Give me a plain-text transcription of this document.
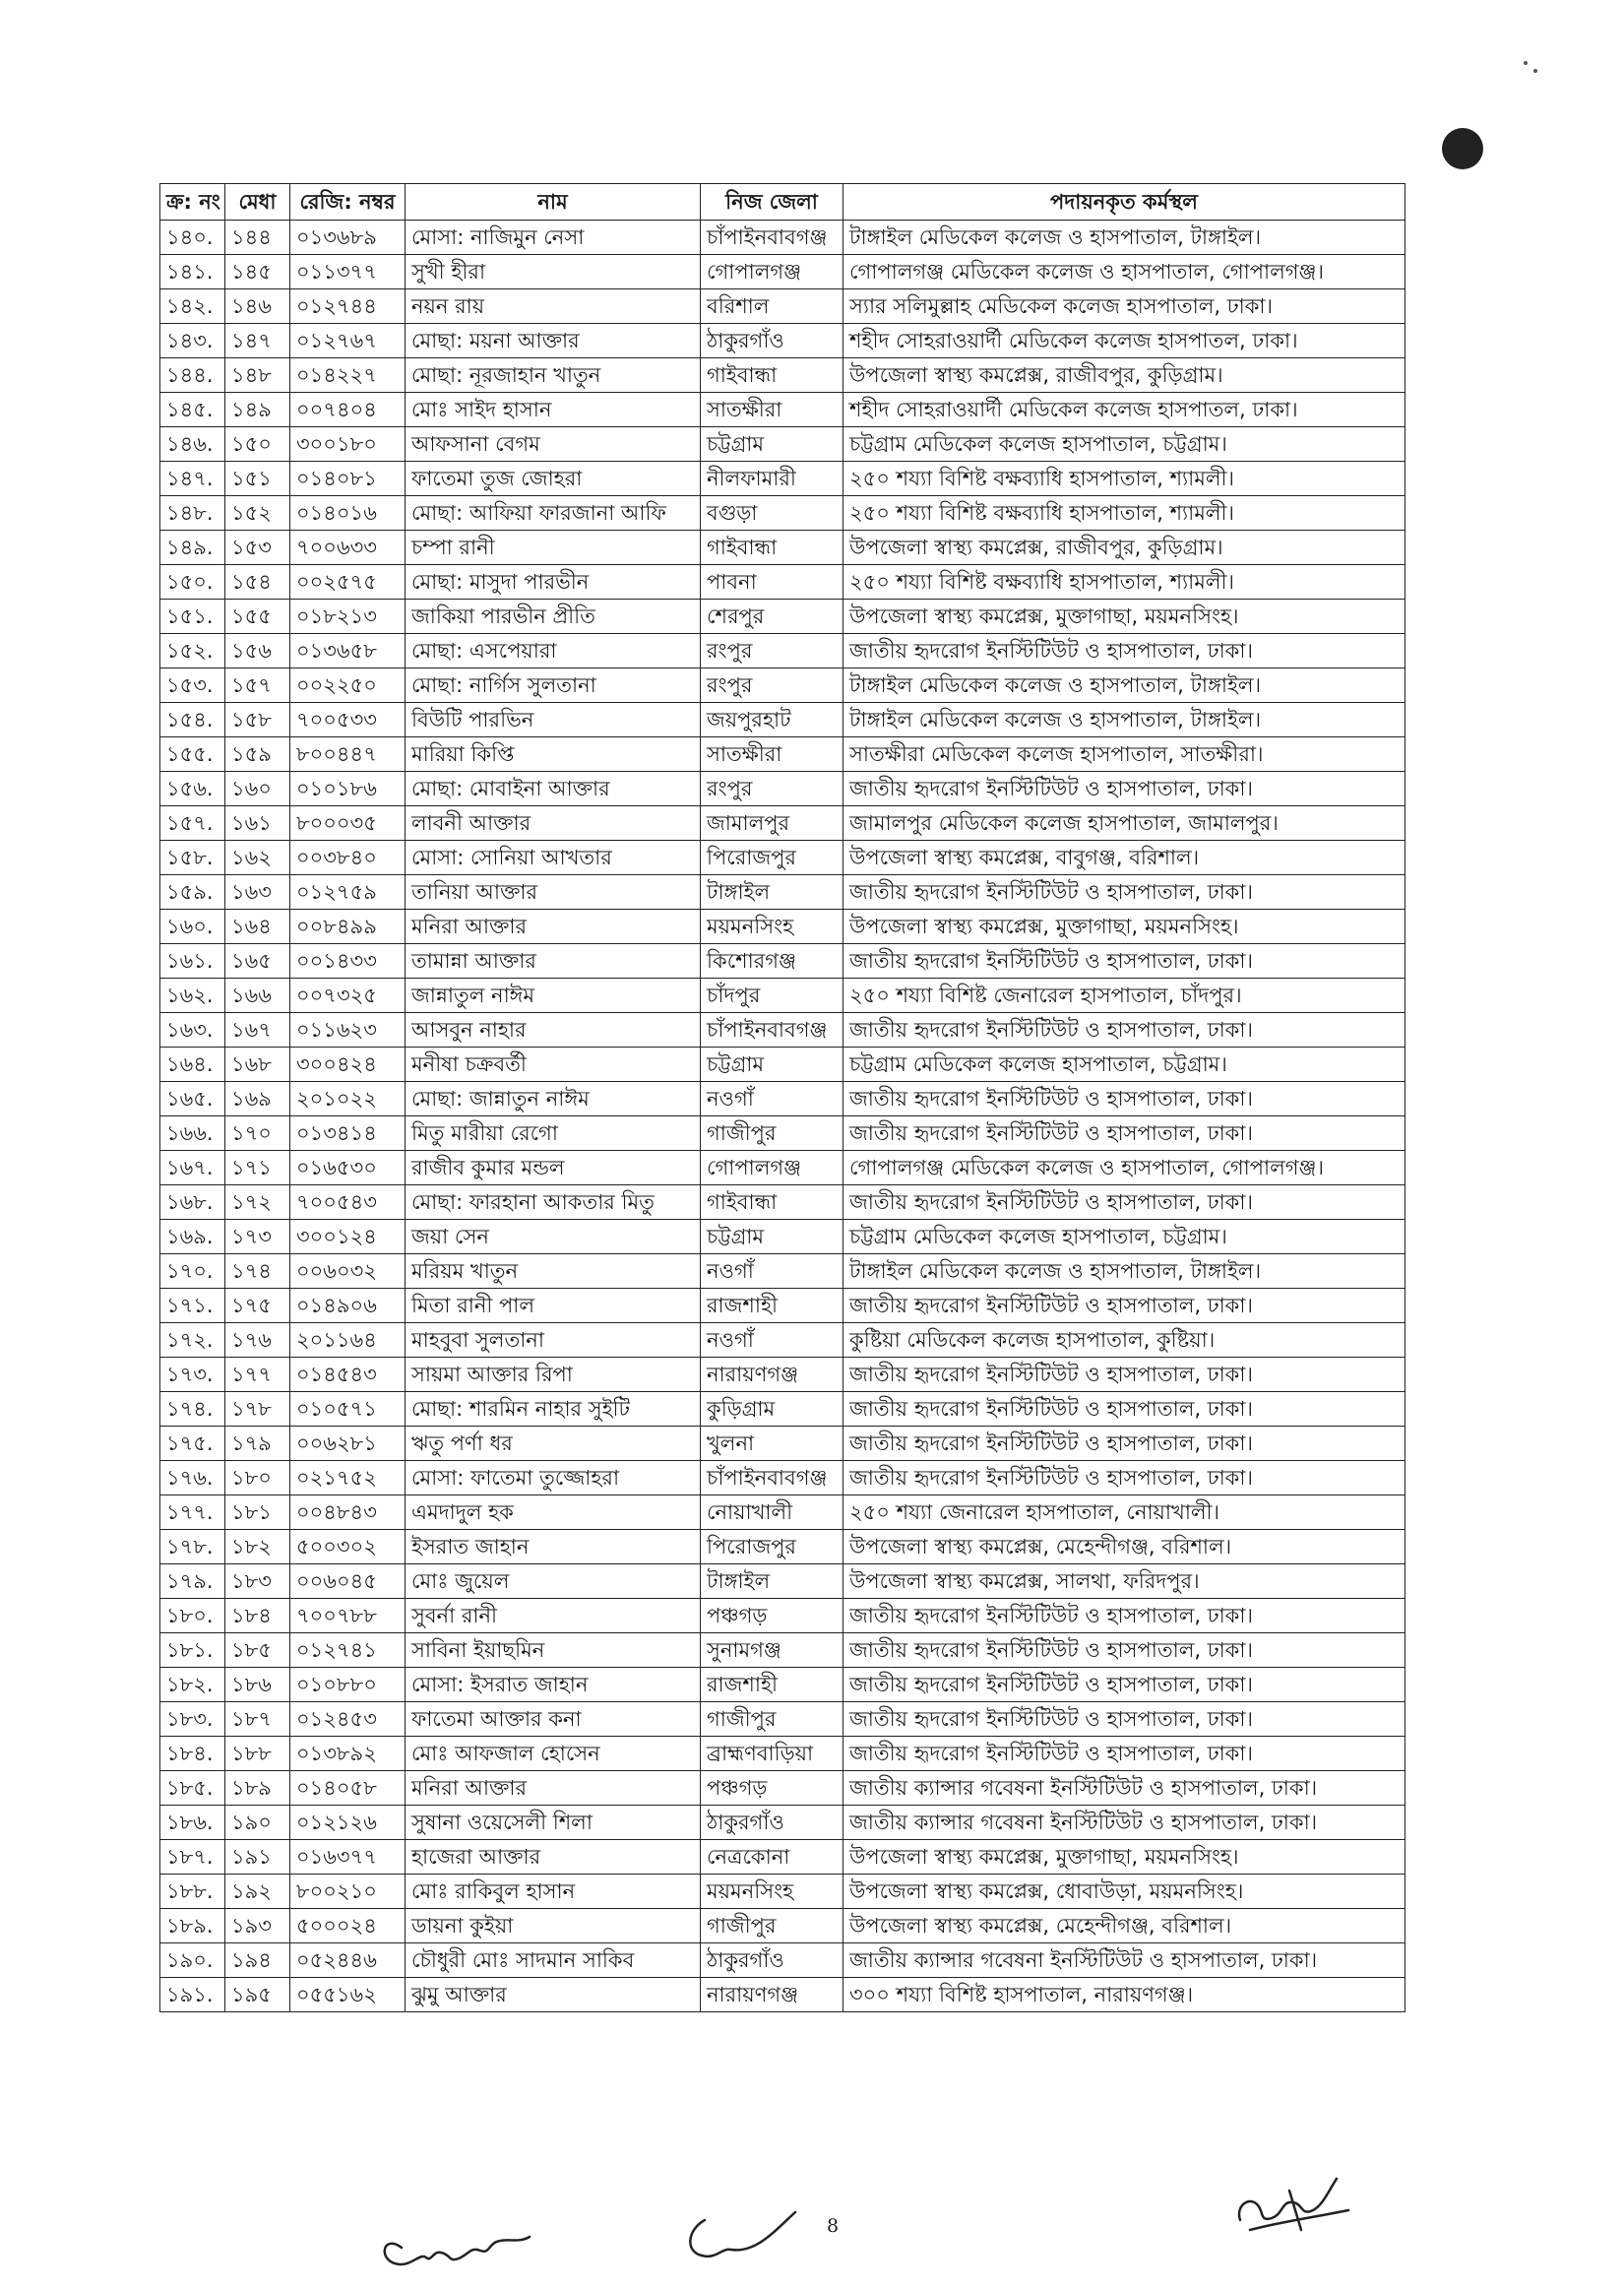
ক্র: নং	মেধা	রেজি: নম্বর	নাম	নিজ জেলা	পদায়নকৃত কর্মস্থল
১৪০.	১৪৪	০১৩৬৮৯	মোসা: নাজিমুন নেসা	চাঁপাইনবাবগঞ্জ	টাঙ্গাইল মেডিকেল কলেজ ও হাসপাতাল, টাঙ্গাইল।
১৪১.	১৪৫	০১১৩৭৭	সুখী হীরা	গোপালগঞ্জ	গোপালগঞ্জ মেডিকেল কলেজ ও হাসপাতাল, গোপালগঞ্জ।
১৪২.	১৪৬	০১২৭৪৪	নয়ন রায়	বরিশাল	স্যার সলিমুল্লাহ মেডিকেল কলেজ হাসপাতাল, ঢাকা।
১৪৩.	১৪৭	০১২৭৬৭	মোছা: ময়না আক্তার	ঠাকুরগাঁও	শহীদ সোহরাওয়ার্দী মেডিকেল কলেজ হাসপাতল, ঢাকা।
১৪৪.	১৪৮	০১৪২২৭	মোছা: নূরজাহান খাতুন	গাইবান্ধা	উপজেলা স্বাস্থ্য কমপ্লেক্স, রাজীবপুর, কুড়িগ্রাম।
১৪৫.	১৪৯	০০৭৪০৪	মোঃ সাইদ হাসান	সাতক্ষীরা	শহীদ সোহরাওয়ার্দী মেডিকেল কলেজ হাসপাতল, ঢাকা।
১৪৬.	১৫০	৩০০১৮০	আফসানা বেগম	চট্টগ্রাম	চট্টগ্রাম মেডিকেল কলেজ হাসপাতাল, চট্টগ্রাম।
১৪৭.	১৫১	০১৪০৮১	ফাতেমা তুজ জোহরা	নীলফামারী	২৫০ শয্যা বিশিষ্ট বক্ষব্যাধি হাসপাতাল, শ্যামলী।
১৪৮.	১৫২	০১৪০১৬	মোছা: আফিয়া ফারজানা আফি	বগুড়া	২৫০ শয্যা বিশিষ্ট বক্ষব্যাধি হাসপাতাল, শ্যামলী।
১৪৯.	১৫৩	৭০০৬৩৩	চম্পা রানী	গাইবান্ধা	উপজেলা স্বাস্থ্য কমপ্লেক্স, রাজীবপুর, কুড়িগ্রাম।
১৫০.	১৫৪	০০২৫৭৫	মোছা: মাসুদা পারভীন	পাবনা	২৫০ শয্যা বিশিষ্ট বক্ষব্যাধি হাসপাতাল, শ্যামলী।
১৫১.	১৫৫	০১৮২১৩	জাকিয়া পারভীন প্রীতি	শেরপুর	উপজেলা স্বাস্থ্য কমপ্লেক্স, মুক্তাগাছা, ময়মনসিংহ।
১৫২.	১৫৬	০১৩৬৫৮	মোছা: এসপেয়ারা	রংপুর	জাতীয় হৃদরোগ ইনস্টিটিউট ও হাসপাতাল, ঢাকা।
১৫৩.	১৫৭	০০২২৫০	মোছা: নার্গিস সুলতানা	রংপুর	টাঙ্গাইল মেডিকেল কলেজ ও হাসপাতাল, টাঙ্গাইল।
১৫৪.	১৫৮	৭০০৫৩৩	বিউটি পারভিন	জয়পুরহাট	টাঙ্গাইল মেডিকেল কলেজ ও হাসপাতাল, টাঙ্গাইল।
১৫৫.	১৫৯	৮০০৪৪৭	মারিয়া কিপ্তি	সাতক্ষীরা	সাতক্ষীরা মেডিকেল কলেজ হাসপাতাল, সাতক্ষীরা।
১৫৬.	১৬০	০১০১৮৬	মোছা: মোবাইনা আক্তার	রংপুর	জাতীয় হৃদরোগ ইনস্টিটিউট ও হাসপাতাল, ঢাকা।
১৫৭.	১৬১	৮০০০৩৫	লাবনী আক্তার	জামালপুর	জামালপুর মেডিকেল কলেজ হাসপাতাল, জামালপুর।
১৫৮.	১৬২	০০৩৮৪০	মোসা: সোনিয়া আখতার	পিরোজপুর	উপজেলা স্বাস্থ্য কমপ্লেক্স, বাবুগঞ্জ, বরিশাল।
১৫৯.	১৬৩	০১২৭৫৯	তানিয়া আক্তার	টাঙ্গাইল	জাতীয় হৃদরোগ ইনস্টিটিউট ও হাসপাতাল, ঢাকা।
১৬০.	১৬৪	০০৮৪৯৯	মনিরা আক্তার	ময়মনসিংহ	উপজেলা স্বাস্থ্য কমপ্লেক্স, মুক্তাগাছা, ময়মনসিংহ।
১৬১.	১৬৫	০০১৪৩৩	তামান্না আক্তার	কিশোরগঞ্জ	জাতীয় হৃদরোগ ইনস্টিটিউট ও হাসপাতাল, ঢাকা।
১৬২.	১৬৬	০০৭৩২৫	জান্নাতুল নাঈম	চাঁদপুর	২৫০ শয্যা বিশিষ্ট জেনারেল হাসপাতাল, চাঁদপুর।
১৬৩.	১৬৭	০১১৬২৩	আসবুন নাহার	চাঁপাইনবাবগঞ্জ	জাতীয় হৃদরোগ ইনস্টিটিউট ও হাসপাতাল, ঢাকা।
১৬৪.	১৬৮	৩০০৪২৪	মনীষা চক্রবর্তী	চট্টগ্রাম	চট্টগ্রাম মেডিকেল কলেজ হাসপাতাল, চট্টগ্রাম।
১৬৫.	১৬৯	২০১০২২	মোছা: জান্নাতুন নাঈম	নওগাঁ	জাতীয় হৃদরোগ ইনস্টিটিউট ও হাসপাতাল, ঢাকা।
১৬৬.	১৭০	০১৩৪১৪	মিতু মারীয়া রেগো	গাজীপুর	জাতীয় হৃদরোগ ইনস্টিটিউট ও হাসপাতাল, ঢাকা।
১৬৭.	১৭১	০১৬৫৩০	রাজীব কুমার মন্ডল	গোপালগঞ্জ	গোপালগঞ্জ মেডিকেল কলেজ ও হাসপাতাল, গোপালগঞ্জ।
১৬৮.	১৭২	৭০০৫৪৩	মোছা: ফারহানা আকতার মিতু	গাইবান্ধা	জাতীয় হৃদরোগ ইনস্টিটিউট ও হাসপাতাল, ঢাকা।
১৬৯.	১৭৩	৩০০১২৪	জয়া সেন	চট্টগ্রাম	চট্টগ্রাম মেডিকেল কলেজ হাসপাতাল, চট্টগ্রাম।
১৭০.	১৭৪	০০৬০৩২	মরিয়ম খাতুন	নওগাঁ	টাঙ্গাইল মেডিকেল কলেজ ও হাসপাতাল, টাঙ্গাইল।
১৭১.	১৭৫	০১৪৯০৬	মিতা রানী পাল	রাজশাহী	জাতীয় হৃদরোগ ইনস্টিটিউট ও হাসপাতাল, ঢাকা।
১৭২.	১৭৬	২০১১৬৪	মাহবুবা সুলতানা	নওগাঁ	কুষ্টিয়া মেডিকেল কলেজ হাসপাতাল, কুষ্টিয়া।
১৭৩.	১৭৭	০১৪৫৪৩	সায়মা আক্তার রিপা	নারায়ণগঞ্জ	জাতীয় হৃদরোগ ইনস্টিটিউট ও হাসপাতাল, ঢাকা।
১৭৪.	১৭৮	০১০৫৭১	মোছা: শারমিন নাহার সুইটি	কুড়িগ্রাম	জাতীয় হৃদরোগ ইনস্টিটিউট ও হাসপাতাল, ঢাকা।
১৭৫.	১৭৯	০০৬২৮১	ঋতু পর্ণা ধর	খুলনা	জাতীয় হৃদরোগ ইনস্টিটিউট ও হাসপাতাল, ঢাকা।
১৭৬.	১৮০	০২১৭৫২	মোসা: ফাতেমা তুজ্জোহরা	চাঁপাইনবাবগঞ্জ	জাতীয় হৃদরোগ ইনস্টিটিউট ও হাসপাতাল, ঢাকা।
১৭৭.	১৮১	০০৪৮৪৩	এমদাদুল হক	নোয়াখালী	২৫০ শয্যা জেনারেল হাসপাতাল, নোয়াখালী।
১৭৮.	১৮২	৫০০৩০২	ইসরাত জাহান	পিরোজপুর	উপজেলা স্বাস্থ্য কমপ্লেক্স, মেহেন্দীগঞ্জ, বরিশাল।
১৭৯.	১৮৩	০০৬০৪৫	মোঃ জুয়েল	টাঙ্গাইল	উপজেলা স্বাস্থ্য কমপ্লেক্স, সালথা, ফরিদপুর।
১৮০.	১৮৪	৭০০৭৮৮	সুবর্না রানী	পঞ্চগড়	জাতীয় হৃদরোগ ইনস্টিটিউট ও হাসপাতাল, ঢাকা।
১৮১.	১৮৫	০১২৭৪১	সাবিনা ইয়াছমিন	সুনামগঞ্জ	জাতীয় হৃদরোগ ইনস্টিটিউট ও হাসপাতাল, ঢাকা।
১৮২.	১৮৬	০১০৮৮০	মোসা: ইসরাত জাহান	রাজশাহী	জাতীয় হৃদরোগ ইনস্টিটিউট ও হাসপাতাল, ঢাকা।
১৮৩.	১৮৭	০১২৪৫৩	ফাতেমা আক্তার কনা	গাজীপুর	জাতীয় হৃদরোগ ইনস্টিটিউট ও হাসপাতাল, ঢাকা।
১৮৪.	১৮৮	০১৩৮৯২	মোঃ আফজাল হোসেন	ব্রাহ্মণবাড়িয়া	জাতীয় হৃদরোগ ইনস্টিটিউট ও হাসপাতাল, ঢাকা।
১৮৫.	১৮৯	০১৪০৫৮	মনিরা আক্তার	পঞ্চগড়	জাতীয় ক্যান্সার গবেষনা ইনস্টিটিউট ও হাসপাতাল, ঢাকা।
১৮৬.	১৯০	০১২১২৬	সুষানা ওয়েসেলী শিলা	ঠাকুরগাঁও	জাতীয় ক্যান্সার গবেষনা ইনস্টিটিউট ও হাসপাতাল, ঢাকা।
১৮৭.	১৯১	০১৬৩৭৭	হাজেরা আক্তার	নেত্রকোনা	উপজেলা স্বাস্থ্য কমপ্লেক্স, মুক্তাগাছা, ময়মনসিংহ।
১৮৮.	১৯২	৮০০২১০	মোঃ রাকিবুল হাসান	ময়মনসিংহ	উপজেলা স্বাস্থ্য কমপ্লেক্স, ধোবাউড়া, ময়মনসিংহ।
১৮৯.	১৯৩	৫০০০২৪	ডায়না কুইয়া	গাজীপুর	উপজেলা স্বাস্থ্য কমপ্লেক্স, মেহেন্দীগঞ্জ, বরিশাল।
১৯০.	১৯৪	০৫২৪৪৬	চৌধুরী মোঃ সাদমান সাকিব	ঠাকুরগাঁও	জাতীয় ক্যান্সার গবেষনা ইনস্টিটিউট ও হাসপাতাল, ঢাকা।
১৯১.	১৯৫	০৫৫১৬২	ঝুমু আক্তার	নারায়ণগঞ্জ	৩০০ শয্যা বিশিষ্ট হাসপাতাল, নারায়ণগঞ্জ।
8
